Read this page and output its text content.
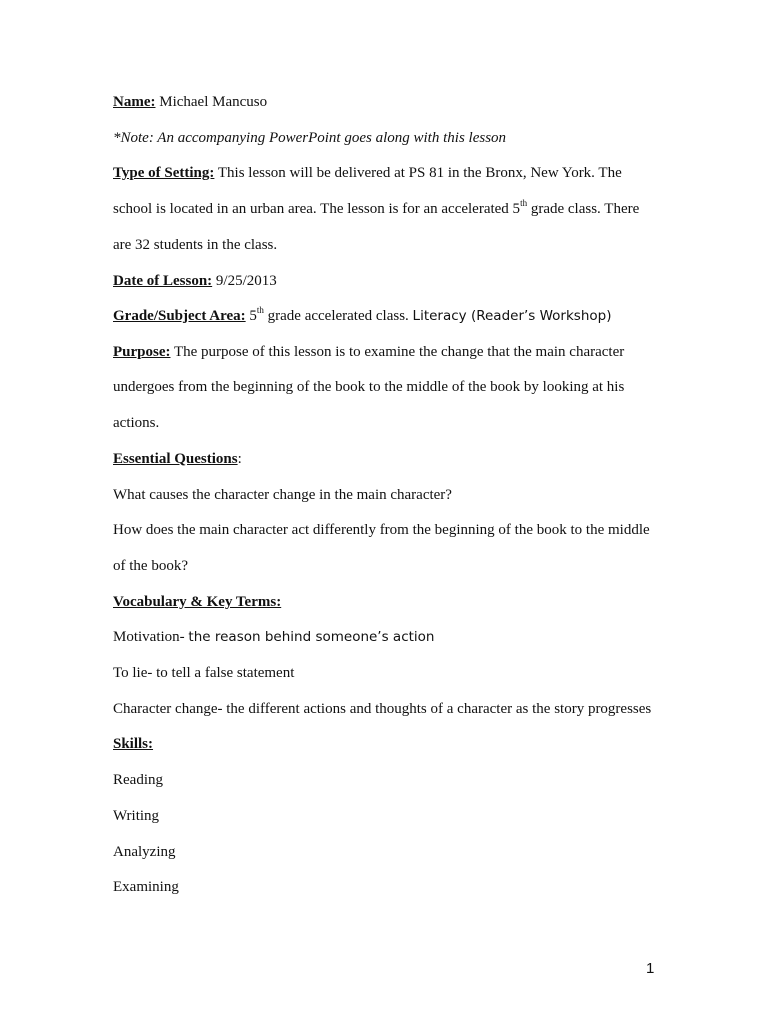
Name: Michael Mancuso
*Note: An accompanying PowerPoint goes along with this lesson
Type of Setting: This lesson will be delivered at PS 81 in the Bronx, New York. The
school is located in an urban area. The lesson is for an accelerated 5th grade class. There
are 32 students in the class.
Date of Lesson: 9/25/2013
Grade/Subject Area: 5th grade accelerated class. Literacy (Reader’s Workshop)
Purpose: The purpose of this lesson is to examine the change that the main character
undergoes from the beginning of the book to the middle of the book by looking at his
actions.
Essential Questions:
What causes the character change in the main character?
How does the main character act differently from the beginning of the book to the middle
of the book?
Vocabulary & Key Terms:
Motivation- the reason behind someone’s action
To lie- to tell a false statement
Character change- the different actions and thoughts of a character as the story progresses
Skills:
Reading
Writing
Analyzing
Examining
1
